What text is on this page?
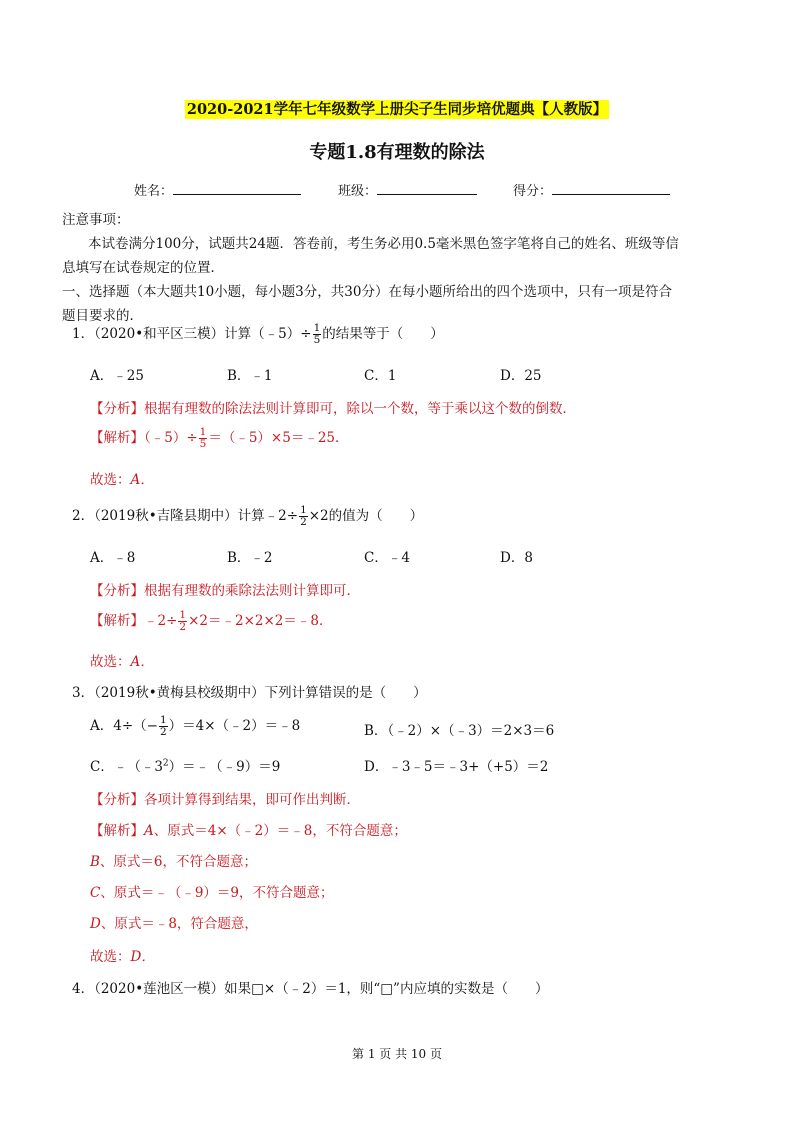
2020-2021学年七年级数学上册尖子生同步培优题典【人教版】
专题1.8有理数的除法
姓名：	班级：	得分：
注意事项：
本试卷满分100分，试题共24题．答卷前，考生务必用0.5毫米黑色签字笔将自己的姓名、班级等信
息填写在试卷规定的位置．
一、选择题（本大题共10小题，每小题3分，共30分）在每小题所给出的四个选项中，只有一项是符合
题目要求的．
1．（2020•和平区三模）计算（﹣5）÷ $\frac{1}{5}$ 的结果等于（　　）
A．﹣25	B．﹣1	C．1	D．25
【分析】根据有理数的除法法则计算即可，除以一个数，等于乘以这个数的倒数．
【解析】（﹣5）÷ $\frac{1}{5}$ ＝（﹣5）×5＝﹣25．
故选：A．
2．（2019秋•吉隆县期中）计算﹣2÷ $\frac{1}{2} \times 2$的值为（　　）
A．﹣8	B．﹣2	C．﹣4	D．8
【分析】根据有理数的乘除法法则计算即可．
【解析】﹣2÷ $\frac{1}{2}$ ×2＝﹣2×2×2＝﹣8．
故选：A．
3．（2019秋•黄梅县校级期中）下列计算错误的是（　　）
A．$4\div(- \frac{1}{2}$ ）＝4×（﹣2）＝﹣8	B．（﹣2）×（﹣3）＝2×3＝6
C．$﹣(﹣3^2)=﹣(﹣9)=9$	D．﹣3﹣5＝﹣3+（+5）＝2
【分析】各项计算得到结果，即可作出判断．
【解析】A、原式＝4×（﹣2）＝﹣8，不符合题意；
B、原式＝6，不符合题意；
C、原式＝﹣（﹣9）＝9，不符合题意；
D、原式＝﹣8，符合题意，
故选：D．
4．（2020•莲池区一模）如果□×（﹣2）＝1，则“□”内应填的实数是（　　）
第 1 页 共 10 页
